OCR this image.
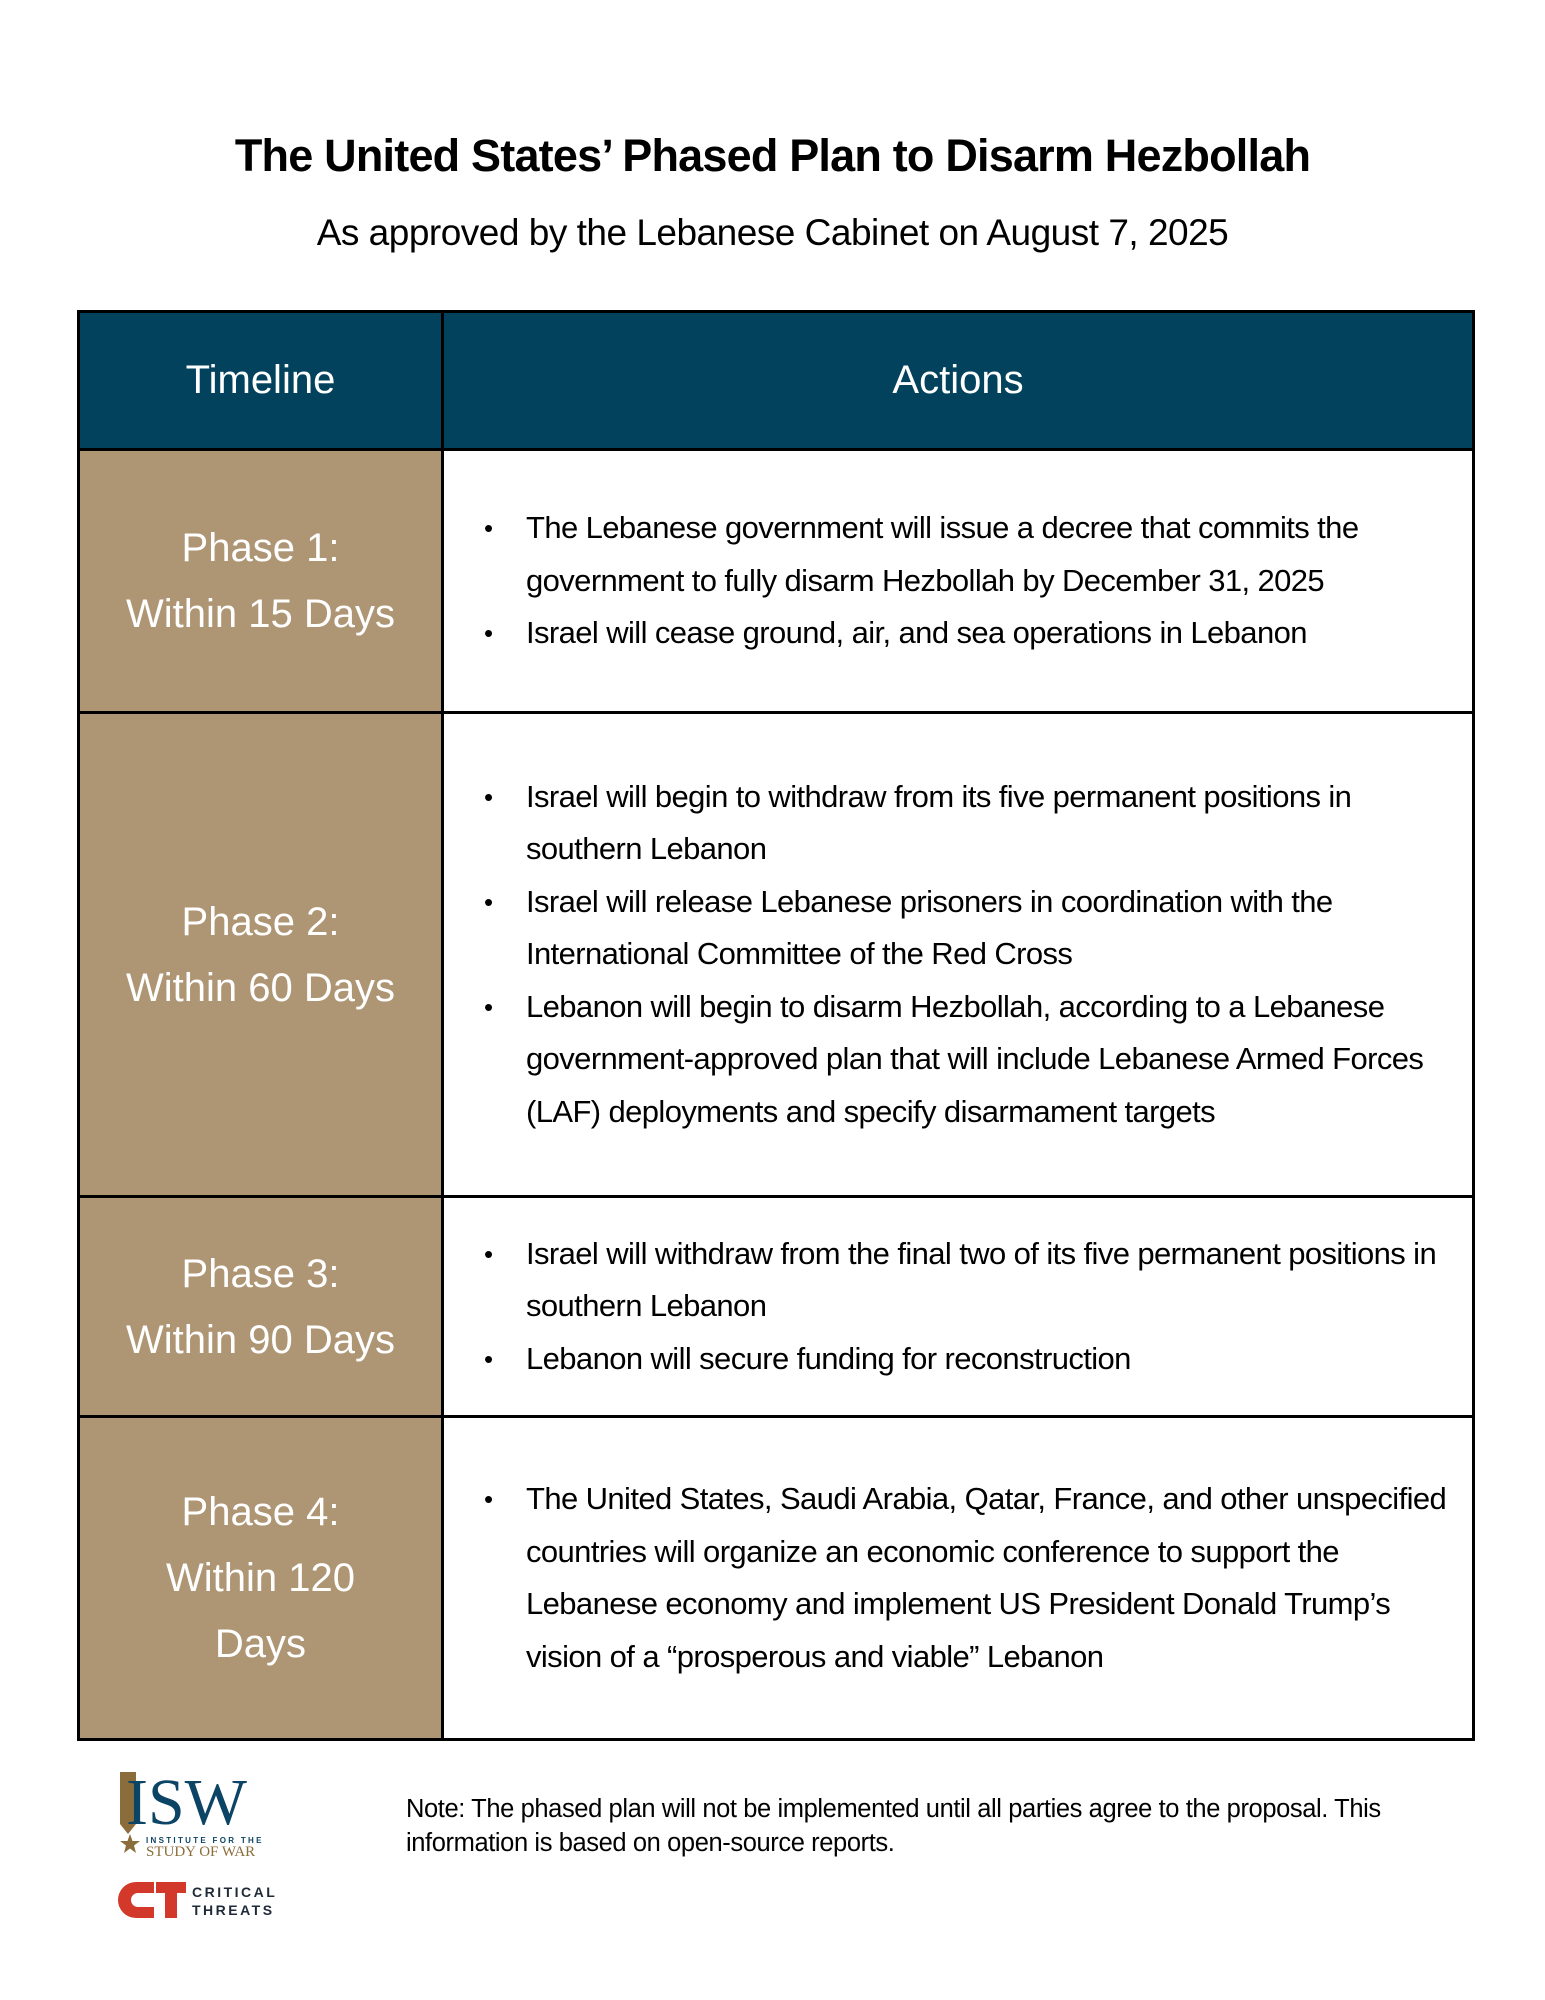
The United States’ Phased Plan to Disarm Hezbollah
As approved by the Lebanese Cabinet on August 7, 2025
Timeline	Actions
Phase 1:
Within 15 Days
• The Lebanese government will issue a decree that commits the government to fully disarm Hezbollah by December 31, 2025
• Israel will cease ground, air, and sea operations in Lebanon
Phase 2:
Within 60 Days
• Israel will begin to withdraw from its five permanent positions in southern Lebanon
• Israel will release Lebanese prisoners in coordination with the International Committee of the Red Cross
• Lebanon will begin to disarm Hezbollah, according to a Lebanese government-approved plan that will include Lebanese Armed Forces (LAF) deployments and specify disarmament targets
Phase 3:
Within 90 Days
• Israel will withdraw from the final two of its five permanent positions in southern Lebanon
• Lebanon will secure funding for reconstruction
Phase 4:
Within 120 Days
• The United States, Saudi Arabia, Qatar, France, and other unspecified countries will organize an economic conference to support the Lebanese economy and implement US President Donald Trump’s vision of a “prosperous and viable” Lebanon
ISW
INSTITUTE FOR THE
STUDY OF WAR
CRITICAL
THREATS
Note: The phased plan will not be implemented until all parties agree to the proposal. This information is based on open-source reports.
